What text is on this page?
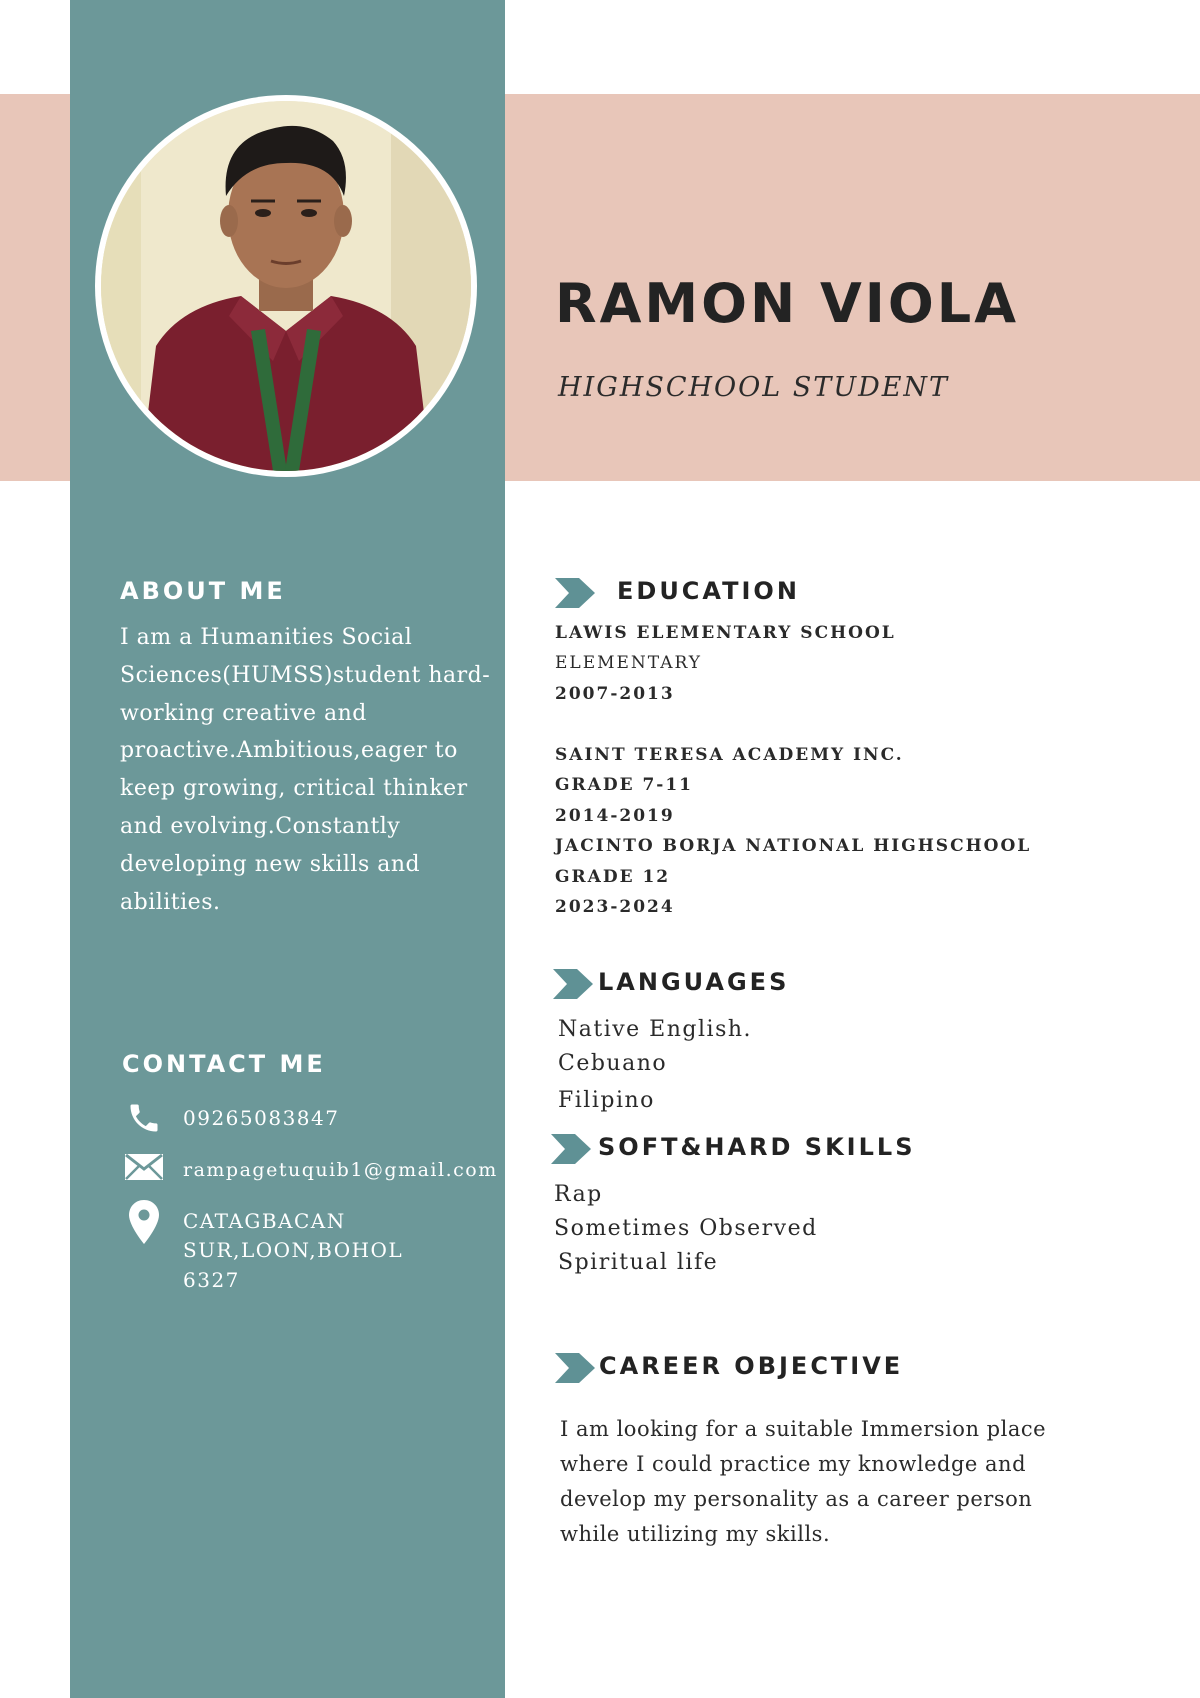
RAMON VIOLA

HIGHSCHOOL STUDENT

ABOUT ME

I am a Humanities Social Sciences(HUMSS)student hard-working creative and proactive.Ambitious,eager to keep growing, critical thinker and evolving.Constantly developing new skills and abilities.

CONTACT ME

09265083847

rampagetuquib1@gmail.com

CATAGBACAN

SUR,LOON,BOHOL

6327

EDUCATION

LAWIS ELEMENTARY SCHOOL

ELEMENTARY

2007-2013

SAINT TERESA ACADEMY INC.

GRADE 7-11

2014-2019

JACINTO BORJA NATIONAL HIGHSCHOOL

GRADE 12

2023-2024

LANGUAGES

Native English.

Cebuano

Filipino

SOFT&HARD SKILLS

Rap

Sometimes Observed

Spiritual life

CAREER OBJECTIVE

I am looking for a suitable Immersion place where I could practice my knowledge and develop my personality as a career person while utilizing my skills.
